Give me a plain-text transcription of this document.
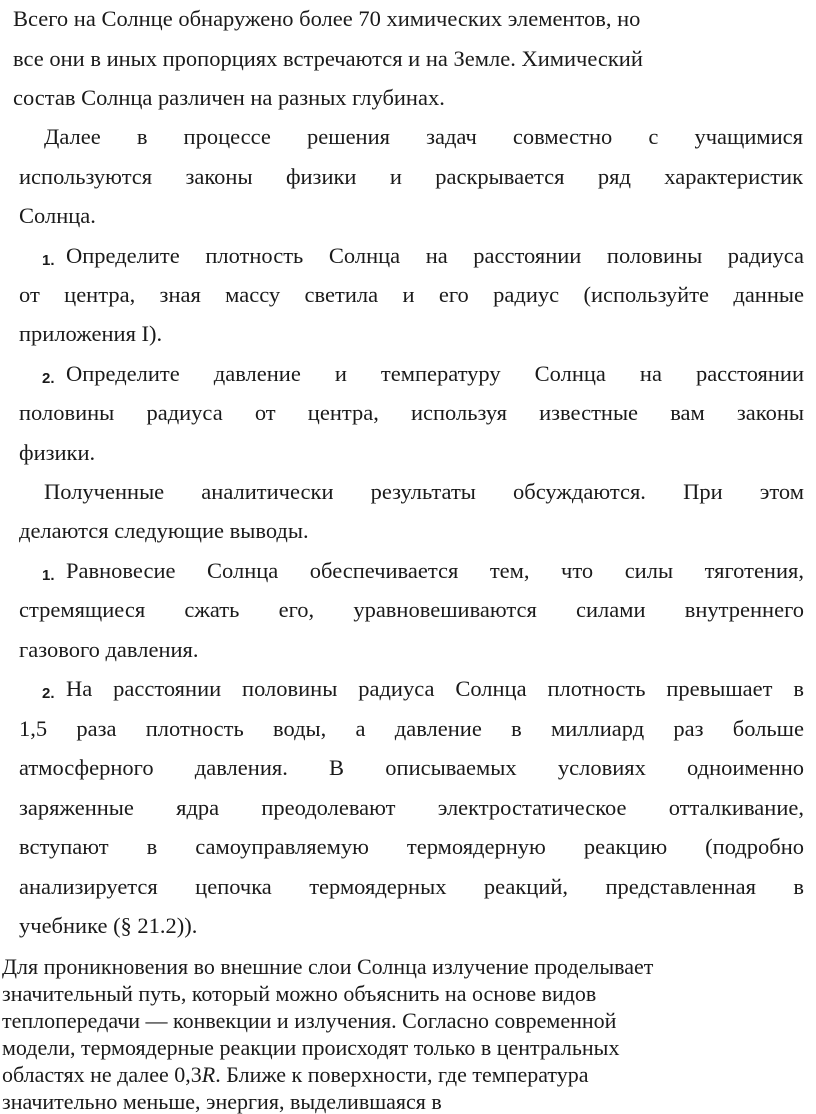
Всего на Солнце обнаружено более 70 химических элементов, но
все они в иных пропорциях встречаются и на Земле. Химический
состав Солнца различен на разных глубинах.
Далее в процессе решения задач совместно с учащимися
используются законы физики и раскрывается ряд характеристик
Солнца.
1. Определите плотность Солнца на расстоянии половины радиуса
от центра, зная массу светила и его радиус (используйте данные
приложения I).
2. Определите давление и температуру Солнца на расстоянии
половины радиуса от центра, используя известные вам законы
физики.
Полученные аналитически результаты обсуждаются. При этом
делаются следующие выводы.
1. Равновесие Солнца обеспечивается тем, что силы тяготения,
стремящиеся сжать его, уравновешиваются силами внутреннего
газового давления.
2. На расстоянии половины радиуса Солнца плотность превышает в
1,5 раза плотность воды, а давление в миллиард раз больше
атмосферного давления. В описываемых условиях одноименно
заряженные ядра преодолевают электростатическое отталкивание,
вступают в самоуправляемую термоядерную реакцию (подробно
анализируется цепочка термоядерных реакций, представленная в
учебнике (§ 21.2)).
Для проникновения во внешние слои Солнца излучение проделывает
значительный путь, который можно объяснить на основе видов
теплопередачи — конвекции и излучения. Согласно современной
модели, термоядерные реакции происходят только в центральных
областях не далее 0,3R. Ближе к поверхности, где температура
значительно меньше, энергия, выделившаяся в
